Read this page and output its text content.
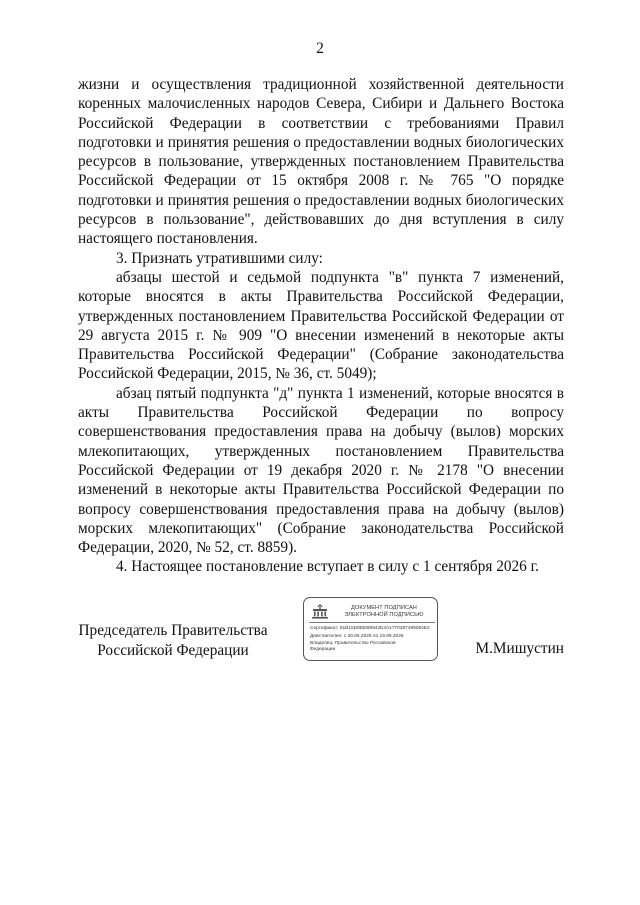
2

жизни и осуществления традиционной хозяйственной деятельности коренных малочисленных народов Севера, Сибири и Дальнего Востока Российской Федерации в соответствии с требованиями Правил подготовки и принятия решения о предоставлении водных биологических ресурсов в пользование, утвержденных постановлением Правительства Российской Федерации от 15 октября 2008 г. № 765 "О порядке подготовки и принятия решения о предоставлении водных биологических ресурсов в пользование", действовавших до дня вступления в силу настоящего постановления.

3. Признать утратившими силу:

абзацы шестой и седьмой подпункта "в" пункта 7 изменений, которые вносятся в акты Правительства Российской Федерации, утвержденных постановлением Правительства Российской Федерации от 29 августа 2015 г. № 909 "О внесении изменений в некоторые акты Правительства Российской Федерации" (Собрание законодательства Российской Федерации, 2015, № 36, ст. 5049);

абзац пятый подпункта "д" пункта 1 изменений, которые вносятся в акты Правительства Российской Федерации по вопросу совершенствования предоставления права на добычу (вылов) морских млекопитающих, утвержденных постановлением Правительства Российской Федерации от 19 декабря 2020 г. № 2178 "О внесении изменений в некоторые акты Правительства Российской Федерации по вопросу совершенствования предоставления права на добычу (вылов) морских млекопитающих" (Собрание законодательства Российской Федерации, 2020, № 52, ст. 8859).

4. Настоящее постановление вступает в силу с 1 сентября 2026 г.

Председатель Правительства
Российской Федерации
ДОКУМЕНТ ПОДПИСАН
ЭЛЕКТРОННОЙ ПОДПИСЬЮ
Сертификат: 51B15D8EEB9942E4A1770287499084E2
Действителен: с 20.06.2025 по 19.09.2026
Владелец: Правительство Российской
Федерации	М.Мишустин
